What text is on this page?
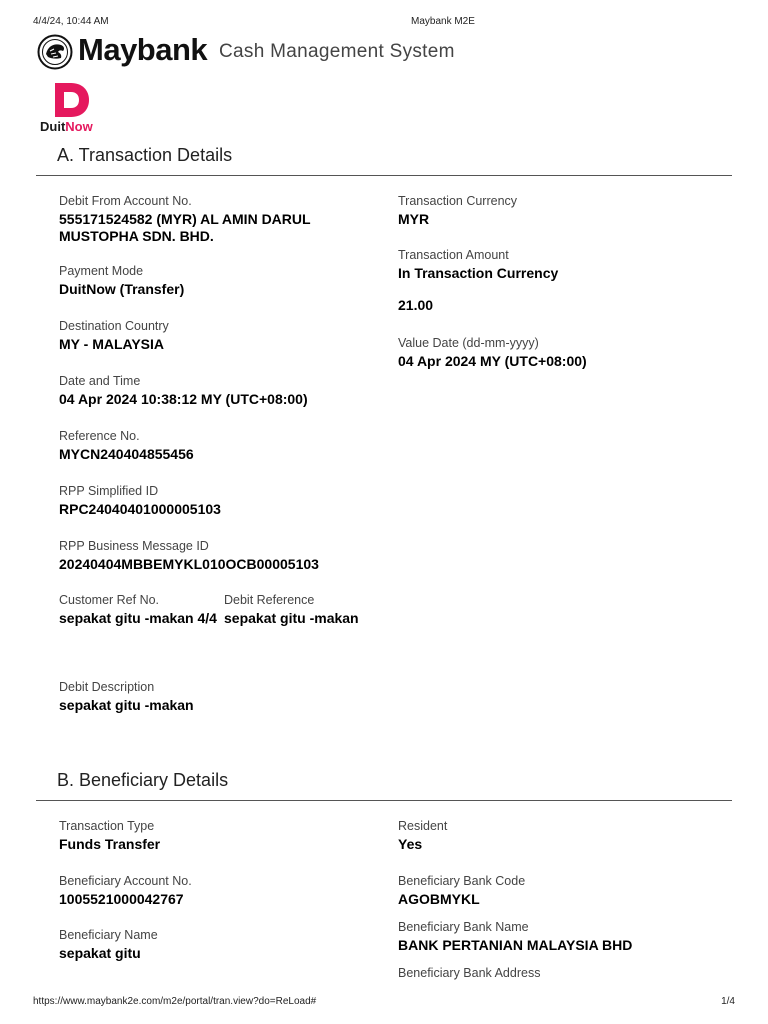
4/4/24, 10:44 AM	Maybank M2E
Maybank Cash Management System
DuitNow
A. Transaction Details
Debit From Account No.
555171524582 (MYR) AL AMIN DARUL MUSTOPHA SDN. BHD.
Payment Mode
DuitNow (Transfer)
Destination Country
MY - MALAYSIA
Date and Time
04 Apr 2024 10:38:12 MY (UTC+08:00)
Reference No.
MYCN240404855456
RPP Simplified ID
RPC24040401000005103
RPP Business Message ID
20240404MBBEMYKL010OCB00005103
Customer Ref No.
sepakat gitu -makan 4/4
Debit Reference
sepakat gitu -makan
Debit Description
sepakat gitu -makan
Transaction Currency
MYR
Transaction Amount
In Transaction Currency
21.00
Value Date (dd-mm-yyyy)
04 Apr 2024 MY (UTC+08:00)
B. Beneficiary Details
Transaction Type
Funds Transfer
Beneficiary Account No.
1005521000042767
Beneficiary Name
sepakat gitu
Resident
Yes
Beneficiary Bank Code
AGOBMYKL
Beneficiary Bank Name
BANK PERTANIAN MALAYSIA BHD
Beneficiary Bank Address
https://www.maybank2e.com/m2e/portal/tran.view?do=ReLoad#	1/4
